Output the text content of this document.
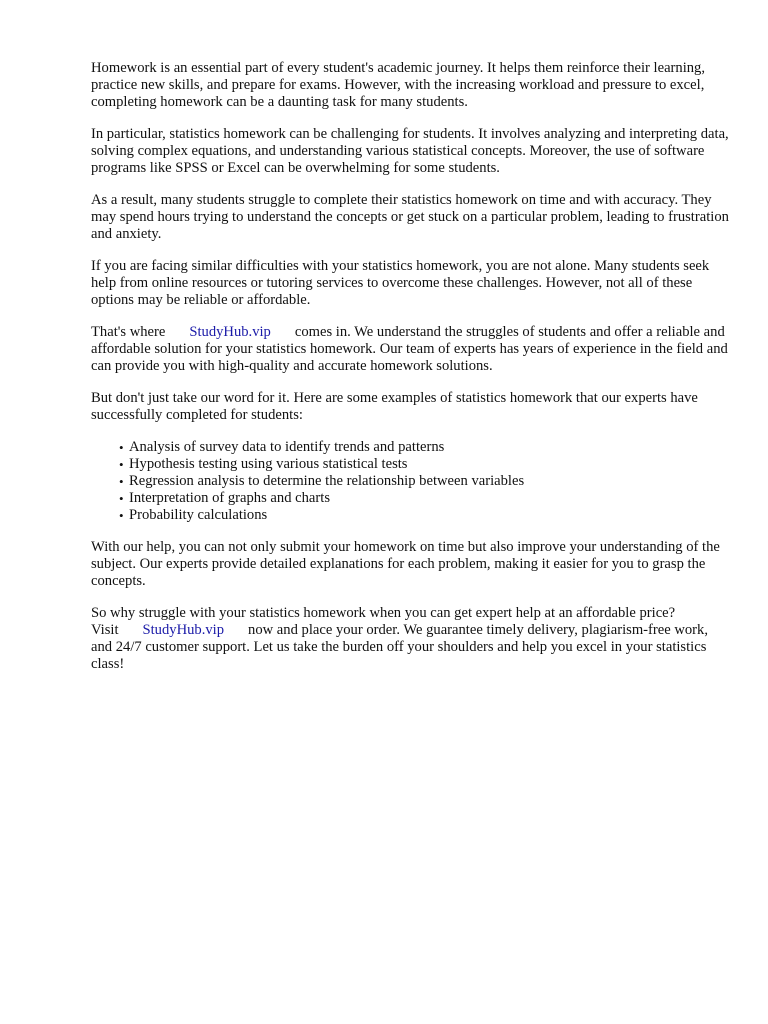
Homework is an essential part of every student's academic journey. It helps them reinforce their learning, practice new skills, and prepare for exams. However, with the increasing workload and pressure to excel, completing homework can be a daunting task for many students.

In particular, statistics homework can be challenging for students. It involves analyzing and interpreting data, solving complex equations, and understanding various statistical concepts. Moreover, the use of software programs like SPSS or Excel can be overwhelming for some students.

As a result, many students struggle to complete their statistics homework on time and with accuracy. They may spend hours trying to understand the concepts or get stuck on a particular problem, leading to frustration and anxiety.

If you are facing similar difficulties with your statistics homework, you are not alone. Many students seek help from online resources or tutoring services to overcome these challenges. However, not all of these options may be reliable or affordable.

That's where StudyHub.vip comes in. We understand the struggles of students and offer a reliable and affordable solution for your statistics homework. Our team of experts has years of experience in the field and can provide you with high-quality and accurate homework solutions.

But don't just take our word for it. Here are some examples of statistics homework that our experts have successfully completed for students:

• Analysis of survey data to identify trends and patterns
• Hypothesis testing using various statistical tests
• Regression analysis to determine the relationship between variables
• Interpretation of graphs and charts
• Probability calculations

With our help, you can not only submit your homework on time but also improve your understanding of the subject. Our experts provide detailed explanations for each problem, making it easier for you to grasp the concepts.

So why struggle with your statistics homework when you can get expert help at an affordable price? Visit StudyHub.vip now and place your order. We guarantee timely delivery, plagiarism-free work, and 24/7 customer support. Let us take the burden off your shoulders and help you excel in your statistics class!
